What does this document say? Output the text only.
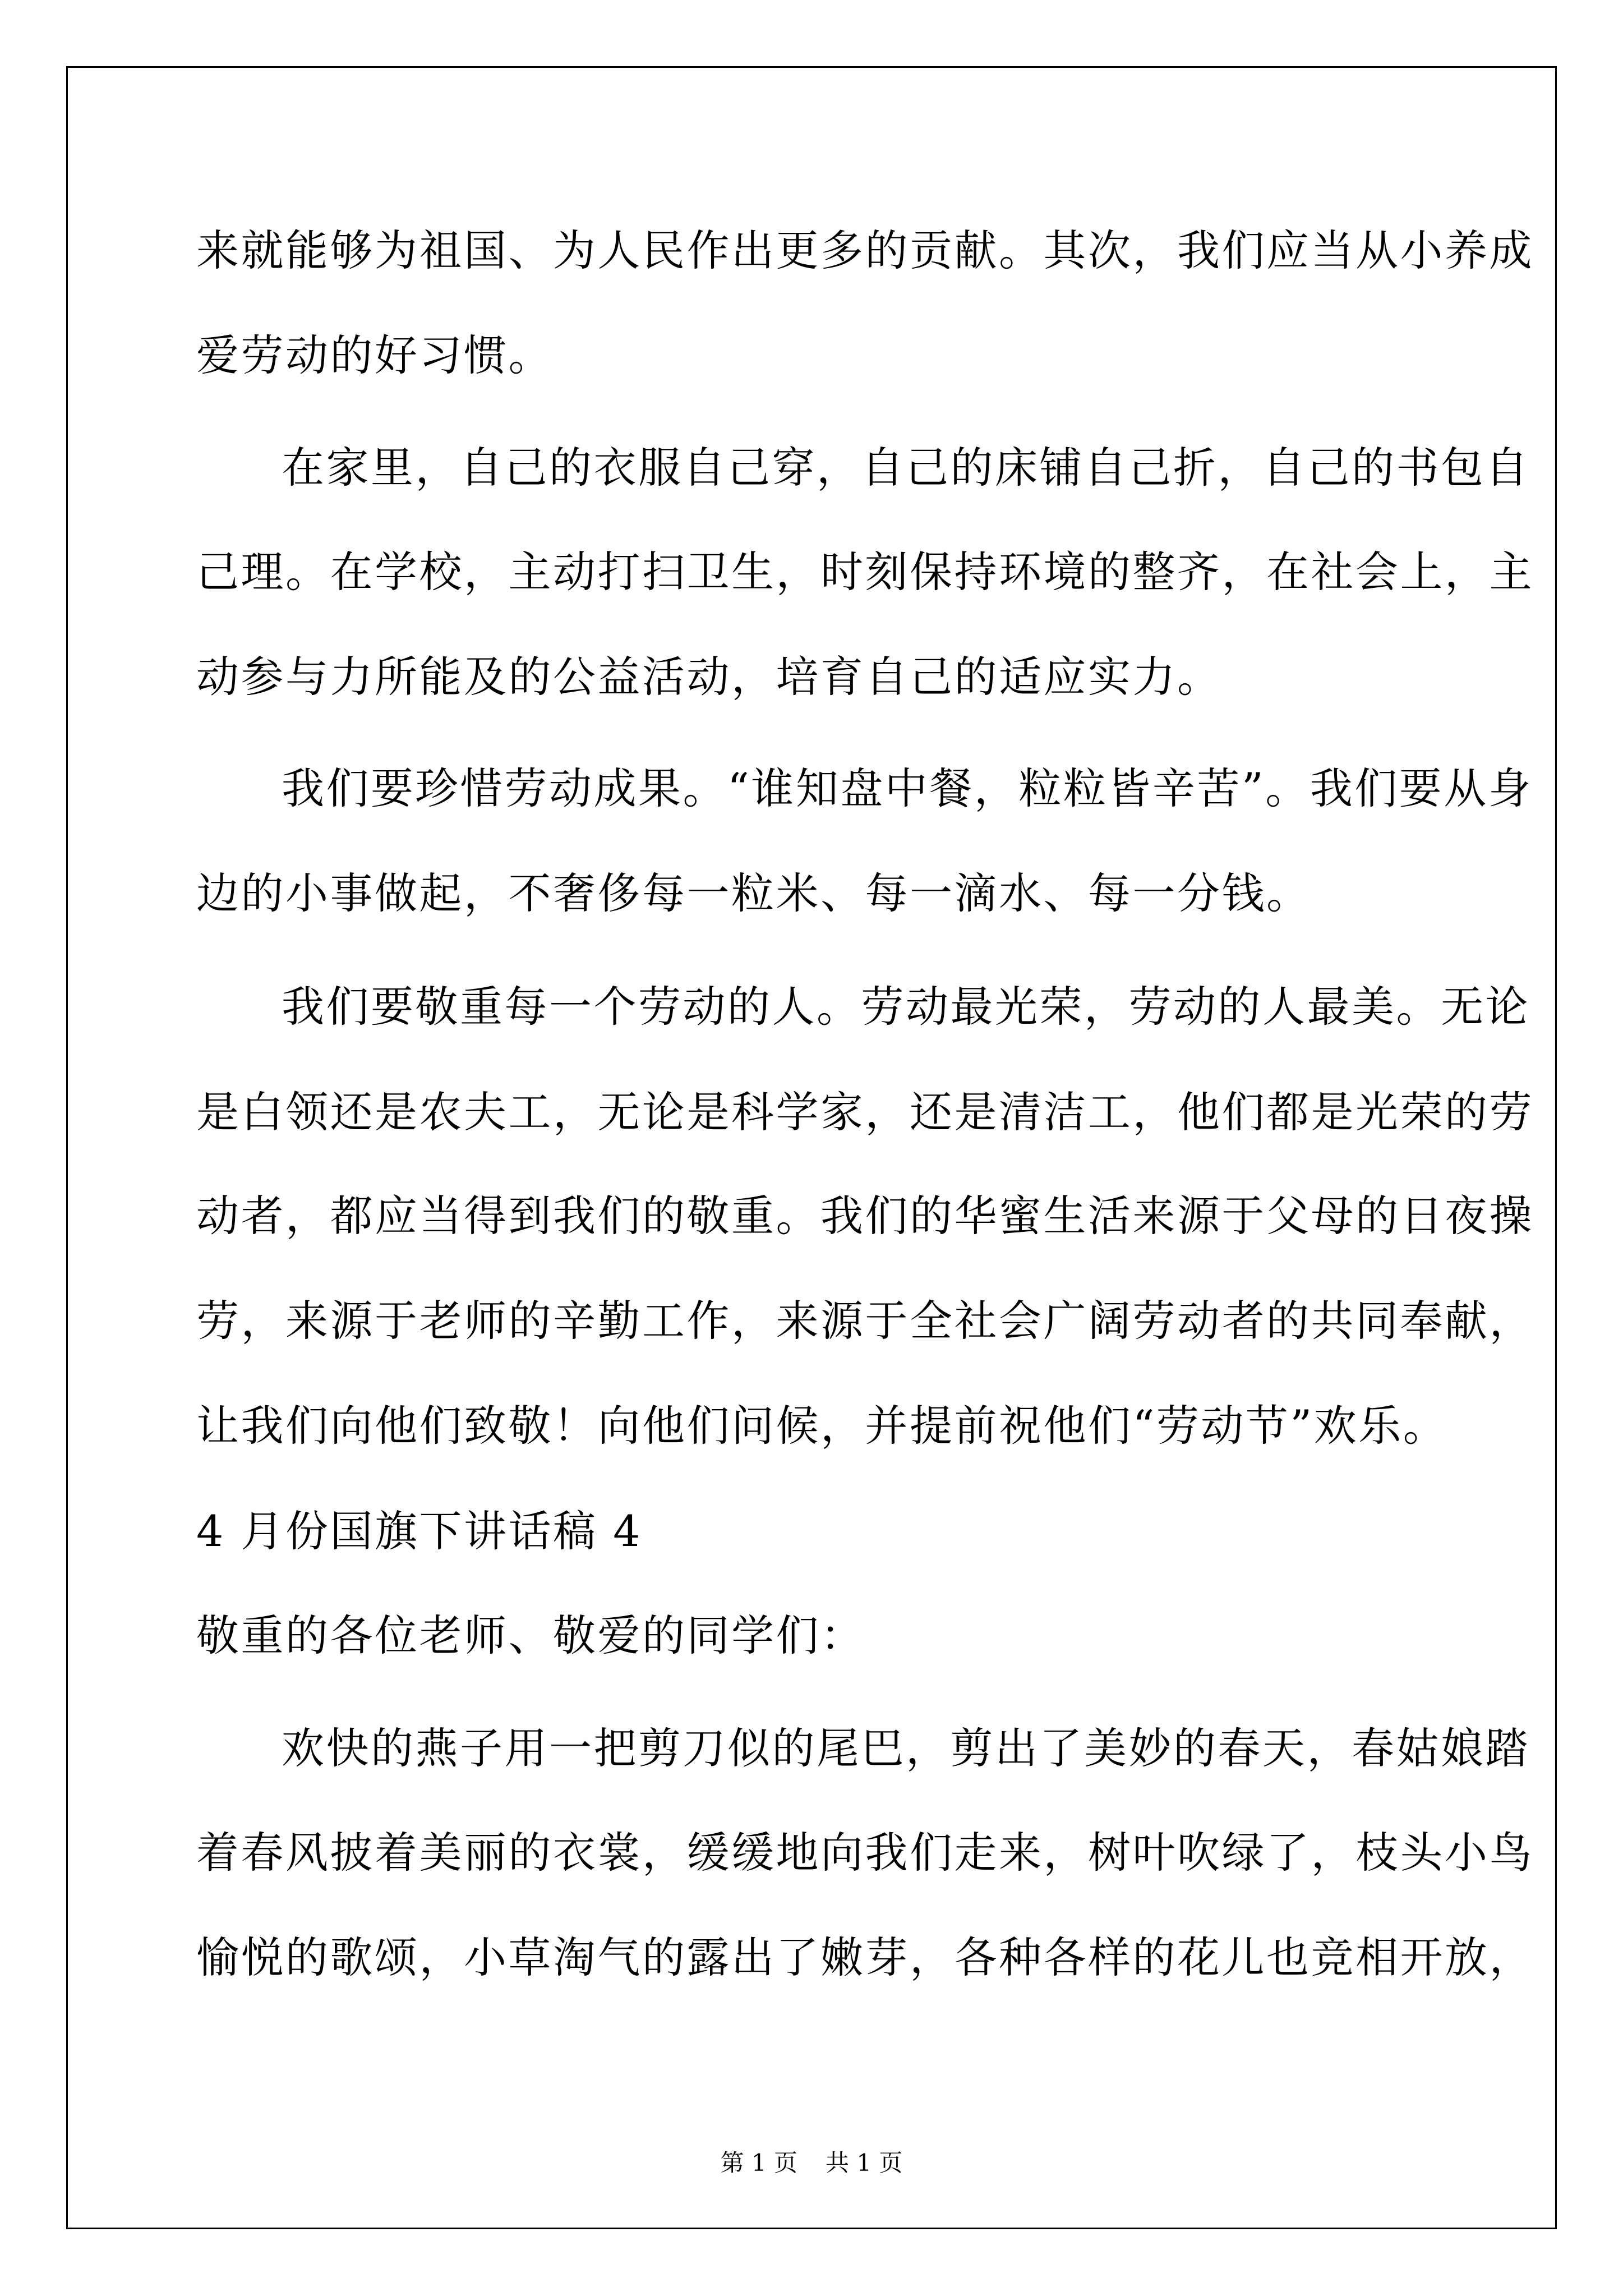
来就能够为祖国、为人民作出更多的贡献。其次，我们应当从小养成
爱劳动的好习惯。
在家里，自己的衣服自己穿，自己的床铺自己折，自己的书包自
己理。在学校，主动打扫卫生，时刻保持环境的整齐，在社会上，主
动参与力所能及的公益活动，培育自己的适应实力。
我们要珍惜劳动成果。“谁知盘中餐，粒粒皆辛苦”。我们要从身
边的小事做起，不奢侈每一粒米、每一滴水、每一分钱。
我们要敬重每一个劳动的人。劳动最光荣，劳动的人最美。无论
是白领还是农夫工，无论是科学家，还是清洁工，他们都是光荣的劳
动者，都应当得到我们的敬重。我们的华蜜生活来源于父母的日夜操
劳，来源于老师的辛勤工作，来源于全社会广阔劳动者的共同奉献，
让我们向他们致敬！向他们问候，并提前祝他们“劳动节”欢乐。
4 月份国旗下讲话稿 4
敬重的各位老师、敬爱的同学们：
欢快的燕子用一把剪刀似的尾巴，剪出了美妙的春天，春姑娘踏
着春风披着美丽的衣裳，缓缓地向我们走来，树叶吹绿了，枝头小鸟
愉悦的歌颂，小草淘气的露出了嫩芽，各种各样的花儿也竞相开放，
第 1 页 共 1 页
